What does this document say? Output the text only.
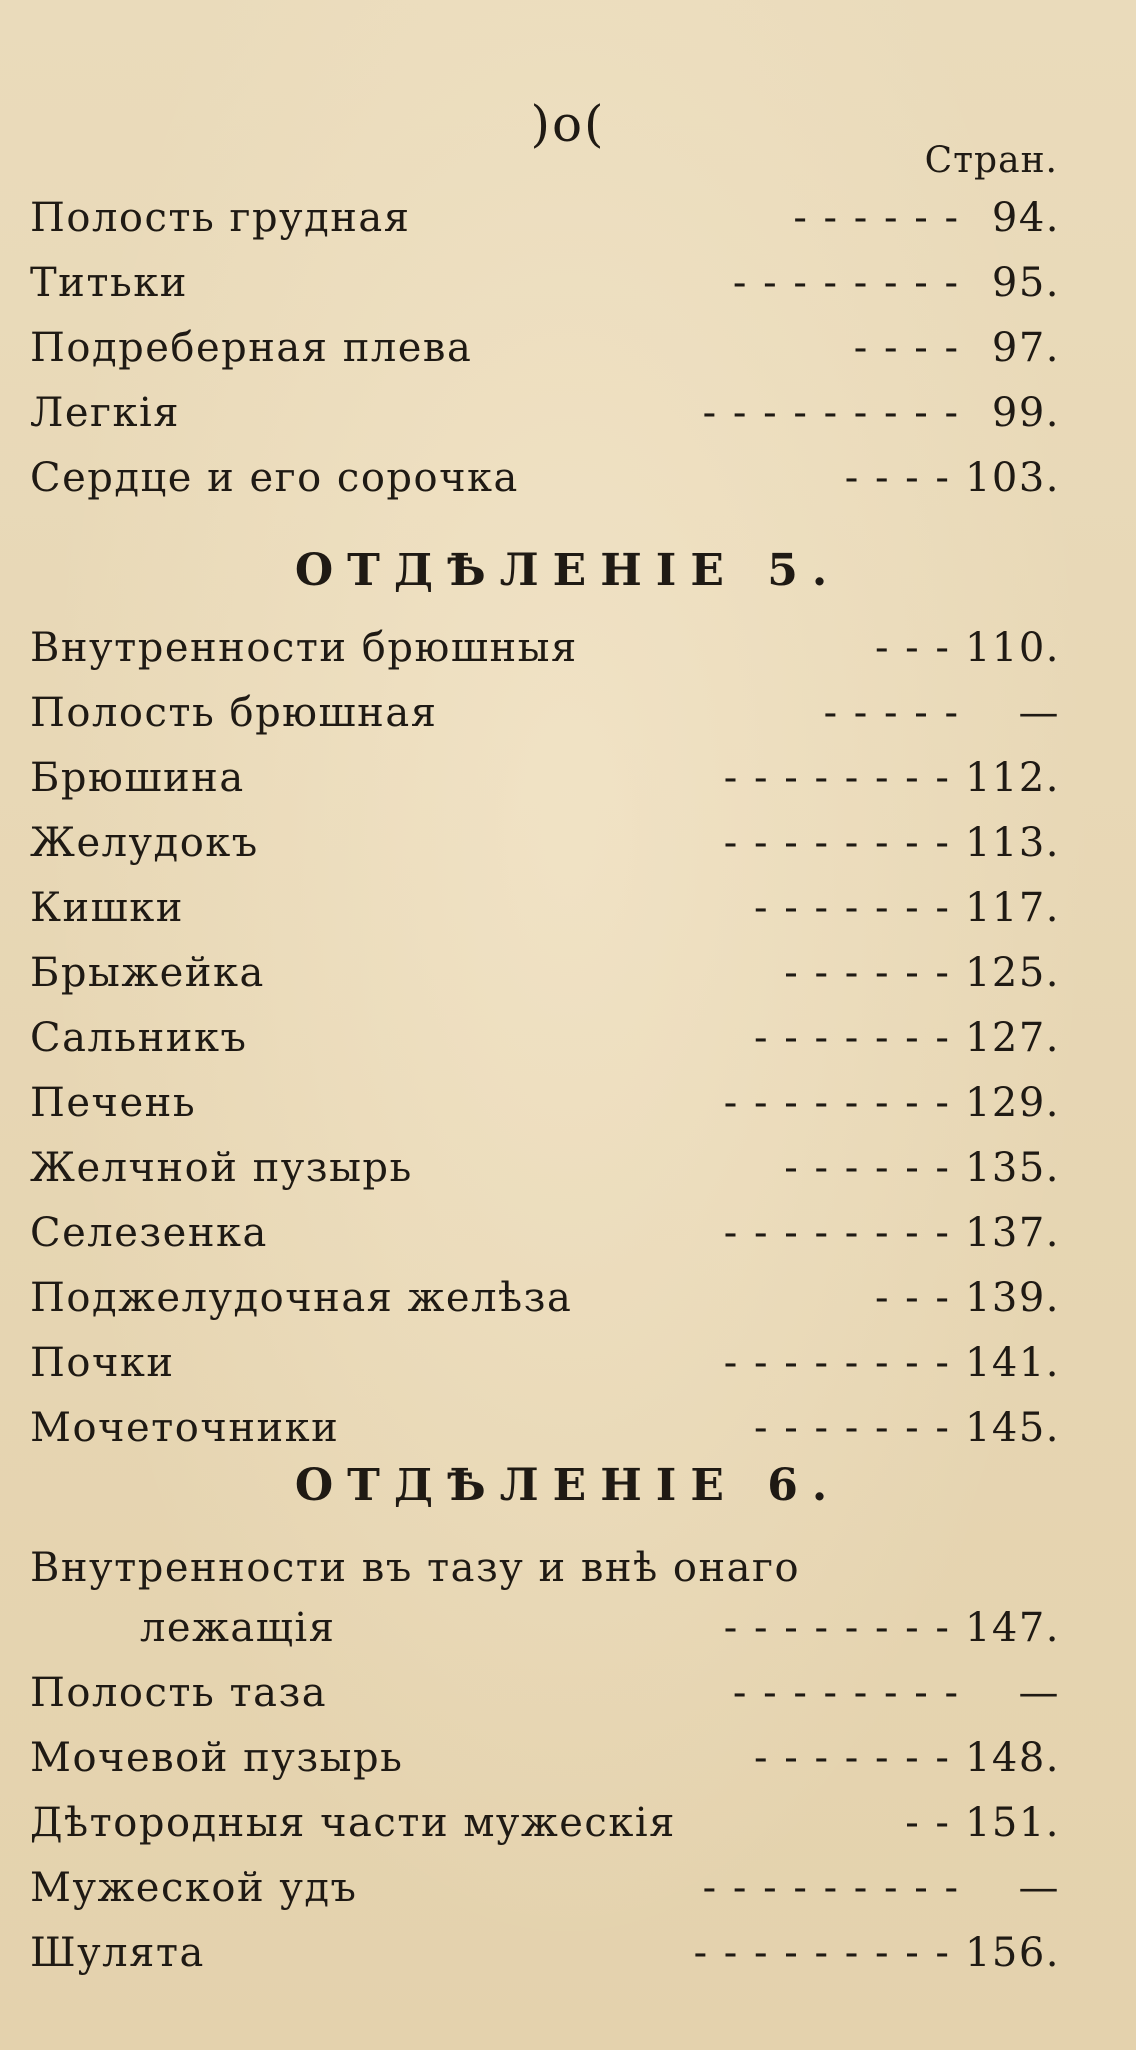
)o(
Стран.
Полость грудная	- - - - - - 94.
Титьки	- - - - - - - - 95.
Подреберная плева	- - - - 97.
Легкія	- - - - - - - - - 99.
Сердце и его сорочка	- - - - 103.
ОТДѢЛЕНІЕ 5.
Внутренности брюшныя	- - - 110.
Полость брюшная	- - - - -	—
Брюшина	- - - - - - - - 112.
Желудокъ	- - - - - - - - 113.
Кишки	- - - - - - - 117.
Брыжейка	- - - - - - 125.
Сальникъ	- - - - - - - 127.
Печень	- - - - - - - - 129.
Желчной пузырь	- - - - - - 135.
Селезенка	- - - - - - - - 137.
Поджелудочная желѣза	- - - 139.
Почки	- - - - - - - - 141.
Мочеточники	- - - - - - - 145.
ОТДѢЛЕНІЕ 6.
Внутренности въ тазу и внѣ онаго
лежащія	- - - - - - - - 147.
Полость таза	- - - - - - - -	—
Мочевой пузырь	- - - - - - - 148.
Дѣтородныя части мужескія	- - 151.
Мужеской удъ	- - - - - - - - -	—
Шулята	- - - - - - - - - 156.
